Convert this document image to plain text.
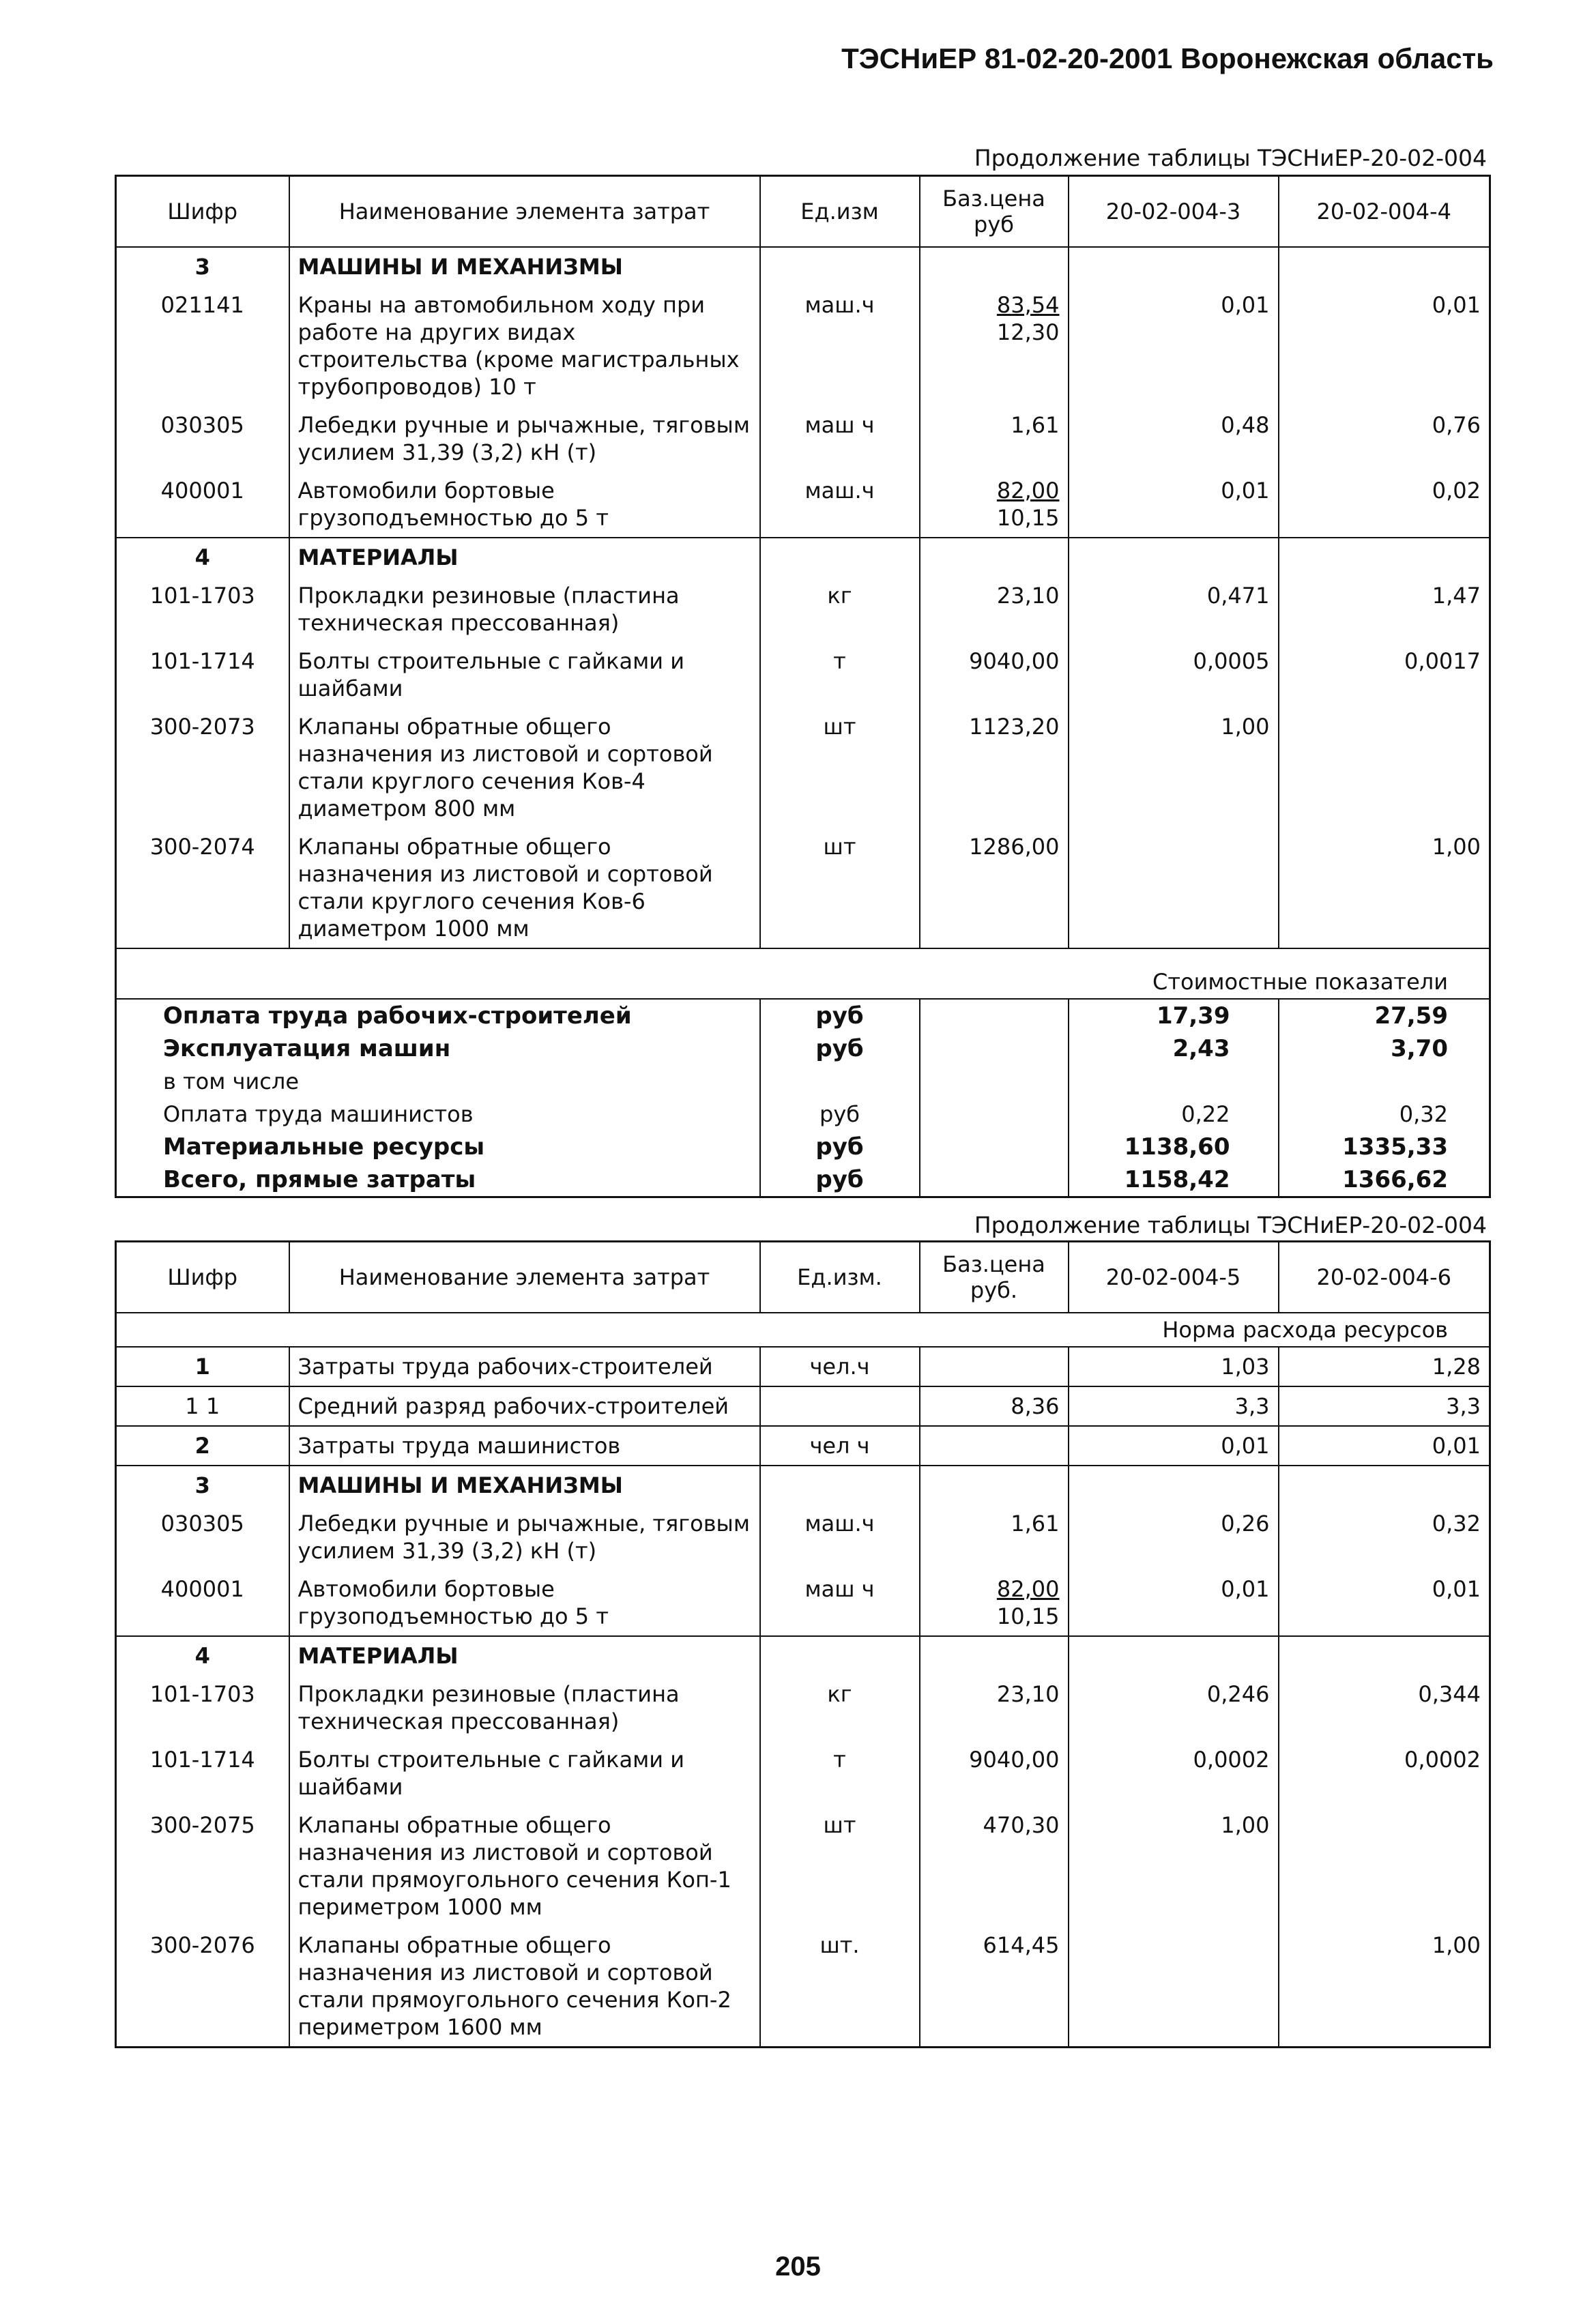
ТЭСНиЕР 81-02-20-2001 Воронежская область
Продолжение таблицы ТЭСНиЕР-20-02-004
Шифр	Наименование элемента затрат	Ед.изм	Баз.цена руб	20-02-004-3	20-02-004-4
3	МАШИНЫ И МЕХАНИЗМЫ				
021141	Краны на автомобильном ходу при работе на других видах строительства (кроме магистральных трубопроводов) 10 т	маш.ч	$\frac{83,54}{12,30}$	0,01	0,01
030305	Лебедки ручные и рычажные, тяговым усилием 31,39 (3,2) кН (т)	маш ч	1,61	0,48	0,76
400001	Автомобили бортовые грузоподъемностью до 5 т	маш.ч	$\frac{82,00}{10,15}$	0,01	0,02
4	МАТЕРИАЛЫ				
101-1703	Прокладки резиновые (пластина техническая прессованная)	кг	23,10	0,471	1,47
101-1714	Болты строительные с гайками и шайбами	т	9040,00	0,0005	0,0017
300-2073	Клапаны обратные общего назначения из листовой и сортовой стали круглого сечения Ков-4 диаметром 800 мм	шт	1123,20	1,00	
300-2074	Клапаны обратные общего назначения из листовой и сортовой стали круглого сечения Ков-6 диаметром 1000 мм	шт	1286,00		1,00
Стоимостные показатели					
Оплата труда рабочих-строителей		руб		17,39	27,59
Эксплуатация машин		руб		2,43	3,70
в том числе					
Оплата труда машинистов		руб		0,22	0,32
Материальные ресурсы		руб		1138,60	1335,33
Всего, прямые затраты		руб		1158,42	1366,62
Продолжение таблицы ТЭСНиЕР-20-02-004
Шифр	Наименование элемента затрат	Ед.изм.	Баз.цена руб.	20-02-004-5	20-02-004-6
Норма расхода ресурсов					
1	Затраты труда рабочих-строителей	чел.ч		1,03	1,28
1 1	Средний разряд рабочих-строителей		8,36	3,3	3,3
2	Затраты труда машинистов	чел ч		0,01	0,01
3	МАШИНЫ И МЕХАНИЗМЫ				
030305	Лебедки ручные и рычажные, тяговым усилием 31,39 (3,2) кН (т)	маш.ч	1,61	0,26	0,32
400001	Автомобили бортовые грузоподъемностью до 5 т	маш ч	$\frac{82,00}{10,15}$	0,01	0,01
4	МАТЕРИАЛЫ				
101-1703	Прокладки резиновые (пластина техническая прессованная)	кг	23,10	0,246	0,344
101-1714	Болты строительные с гайками и шайбами	т	9040,00	0,0002	0,0002
300-2075	Клапаны обратные общего назначения из листовой и сортовой стали прямоугольного сечения Коп-1 периметром 1000 мм	шт	470,30	1,00	
300-2076	Клапаны обратные общего назначения из листовой и сортовой стали прямоугольного сечения Коп-2 периметром 1600 мм	шт.	614,45		1,00
205
